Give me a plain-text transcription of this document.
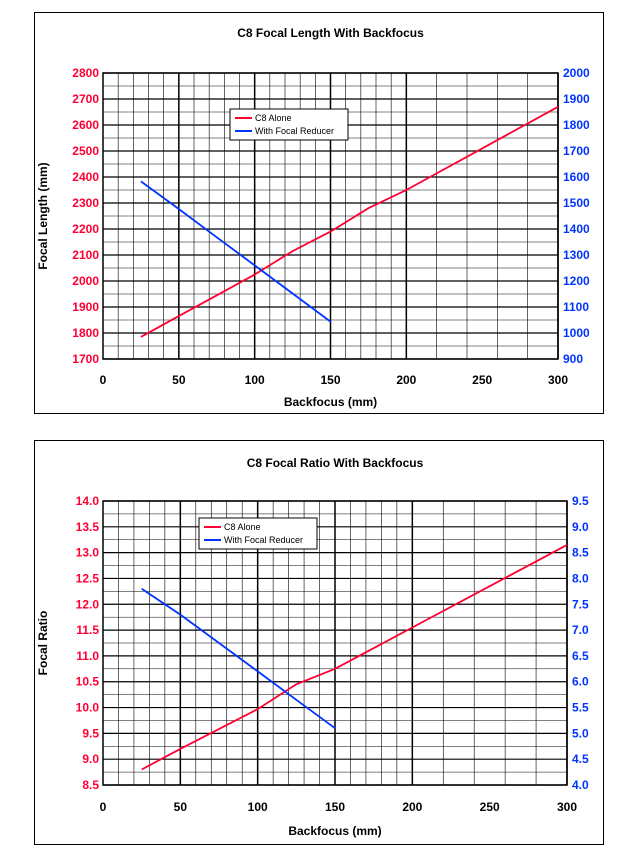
C8 Focal Length With Backfocus
0	50	100	150	200	250	300
1700
1800
1900
2000
2100
2200
2300
2400
2500
2600
2700
2800
900
1000
1100
1200
1300
1400
1500
1600
1700
1800
1900
2000
Backfocus (mm)
Focal Length (mm)
C8 Alone
With Focal Reducer
C8 Focal Ratio With Backfocus
0	50	100	150	200	250	300
8.5
9.0
9.5
10.0
10.5
11.0
11.5
12.0
12.5
13.0
13.5
14.0
4.0
4.5
5.0
5.5
6.0
6.5
7.0
7.5
8.0
8.5
9.0
9.5
Backfocus (mm)
Focal Ratio
C8 Alone
With Focal Reducer
